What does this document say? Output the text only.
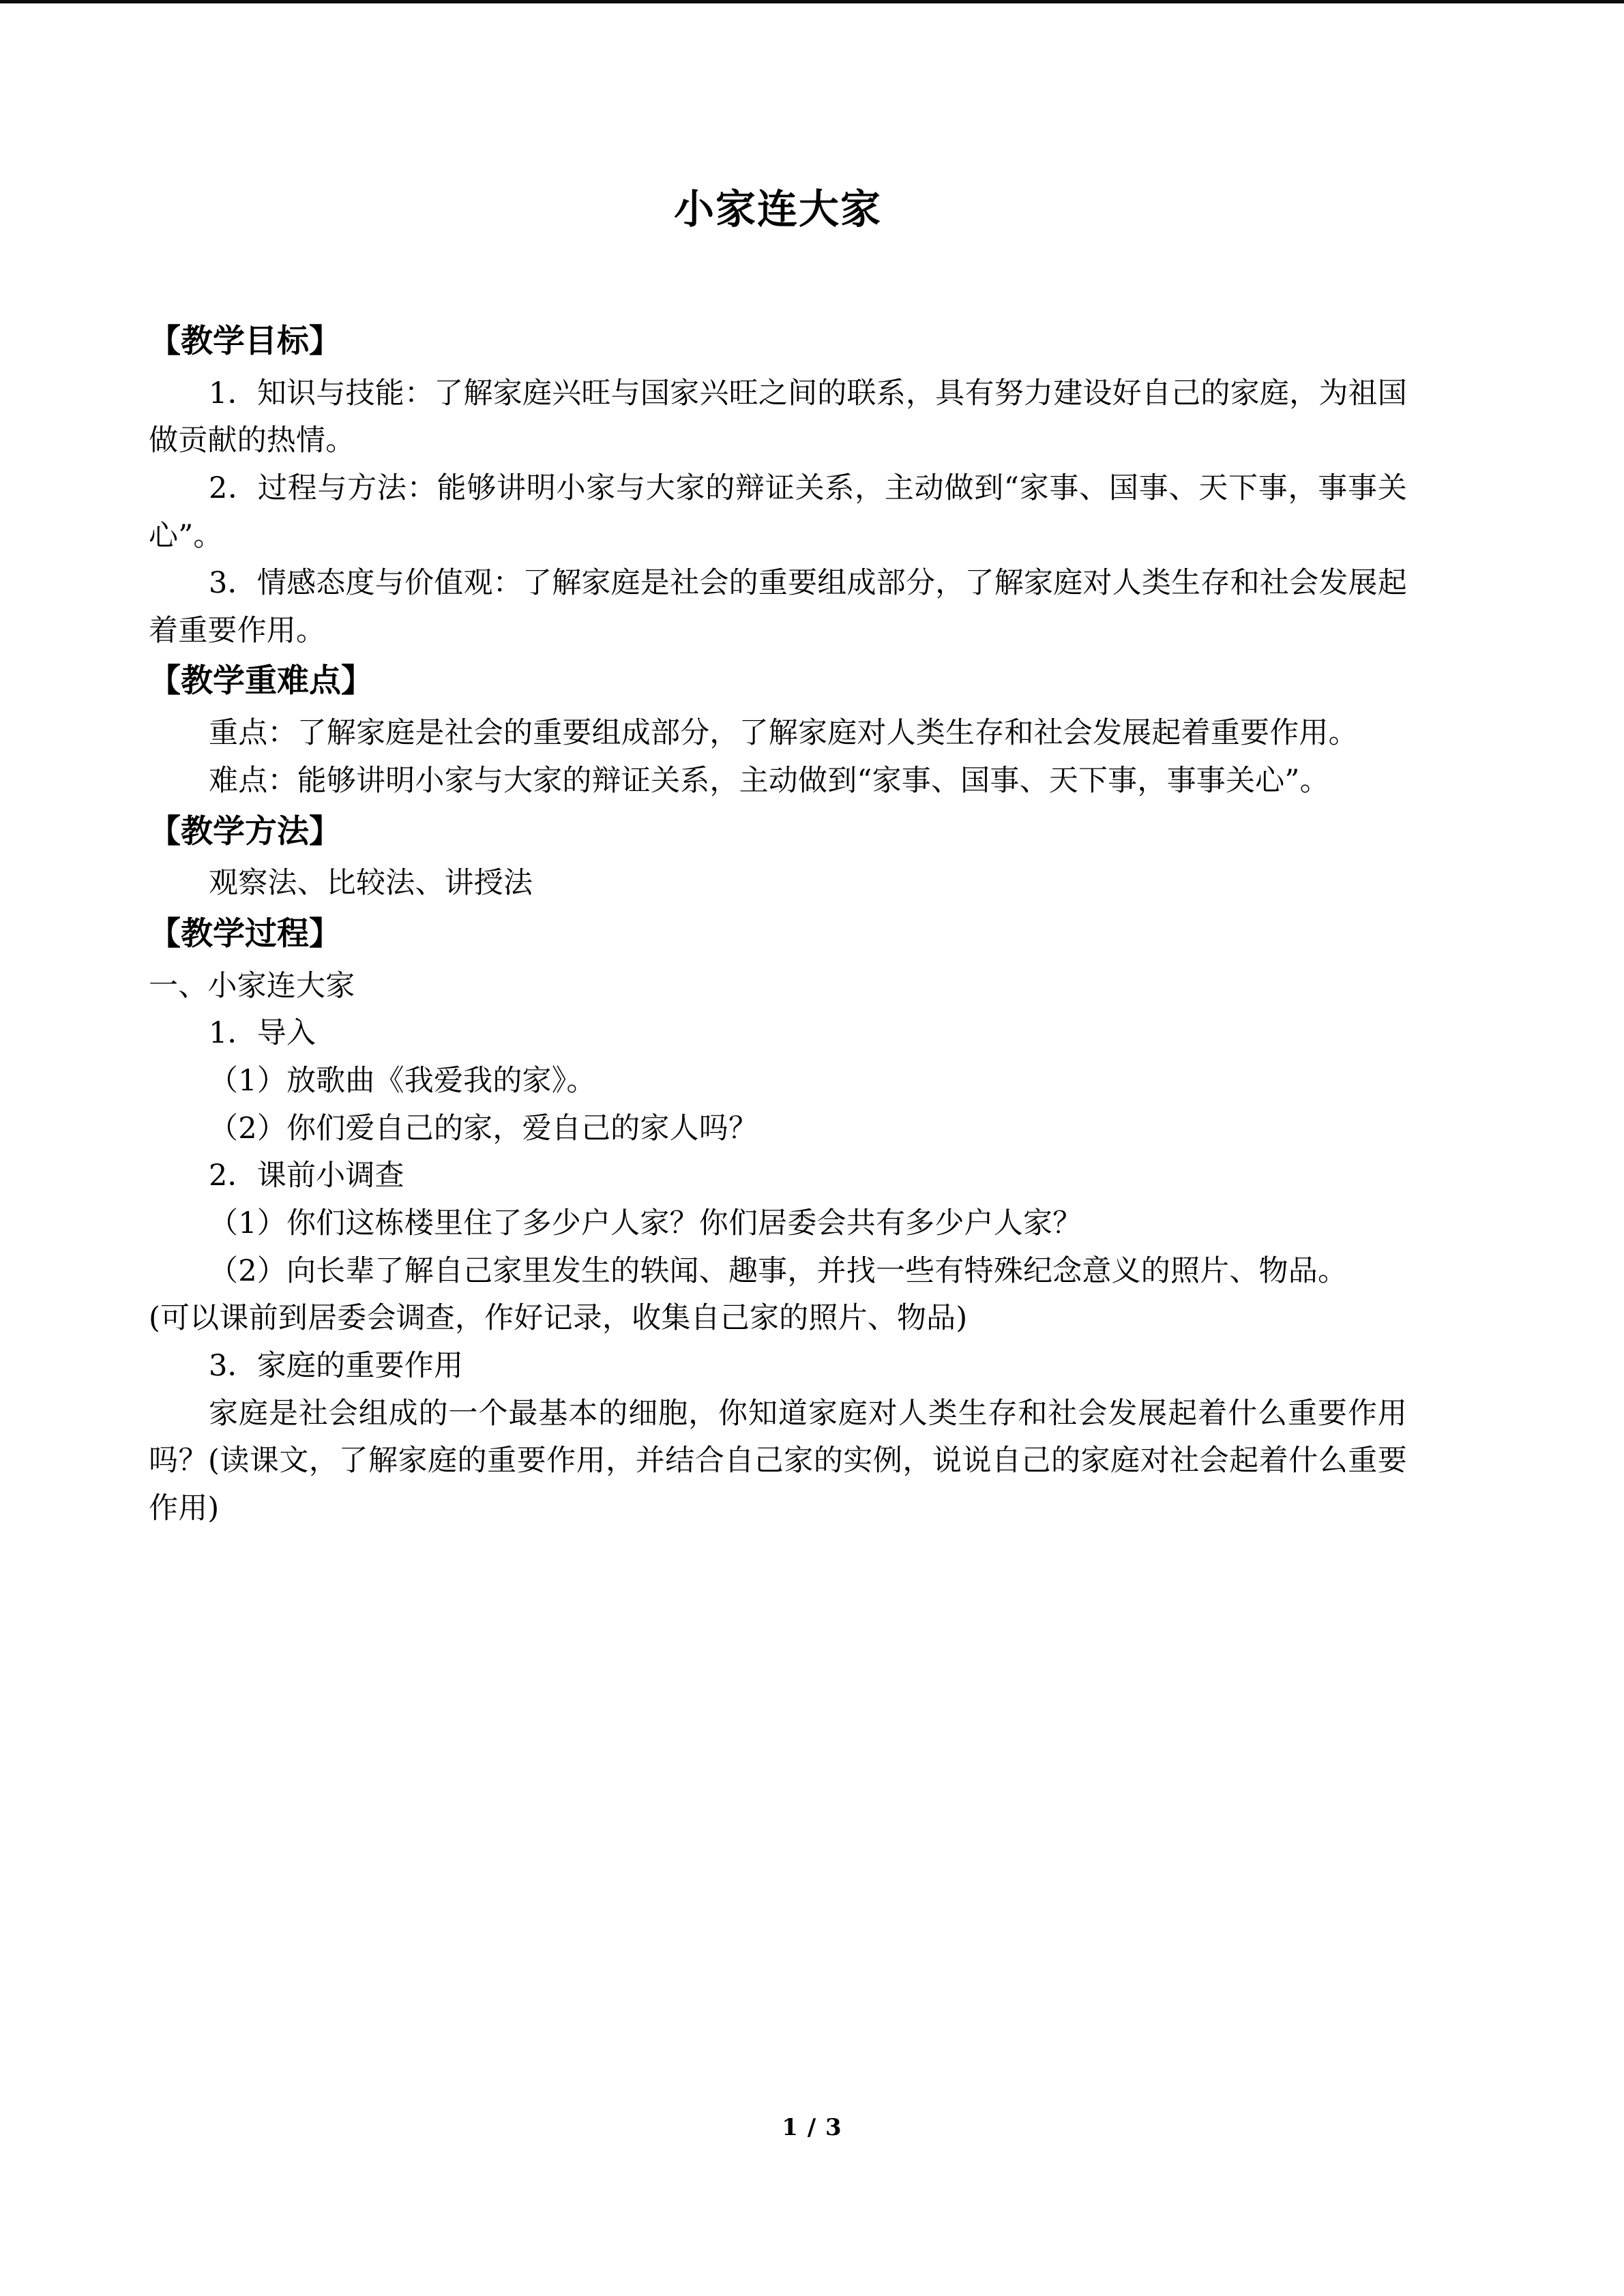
小家连大家
【教学目标】

1．知识与技能：了解家庭兴旺与国家兴旺之间的联系，具有努力建设好自己的家庭，为祖国做贡献的热情。

2．过程与方法：能够讲明小家与大家的辩证关系，主动做到“家事、国事、天下事，事事关心”。

3．情感态度与价值观：了解家庭是社会的重要组成部分，了解家庭对人类生存和社会发展起着重要作用。

【教学重难点】

重点：了解家庭是社会的重要组成部分，了解家庭对人类生存和社会发展起着重要作用。

难点：能够讲明小家与大家的辩证关系，主动做到“家事、国事、天下事，事事关心”。

【教学方法】

观察法、比较法、讲授法

【教学过程】

一、小家连大家

1．导入

（1）放歌曲《我爱我的家》。

（2）你们爱自己的家，爱自己的家人吗？

2．课前小调查

（1）你们这栋楼里住了多少户人家？你们居委会共有多少户人家？

（2）向长辈了解自己家里发生的轶闻、趣事，并找一些有特殊纪念意义的照片、物品。

(可以课前到居委会调查，作好记录，收集自己家的照片、物品)

3．家庭的重要作用

家庭是社会组成的一个最基本的细胞，你知道家庭对人类生存和社会发展起着什么重要作用吗？(读课文，了解家庭的重要作用，并结合自己家的实例，说说自己的家庭对社会起着什么重要作用)

1 / 3
